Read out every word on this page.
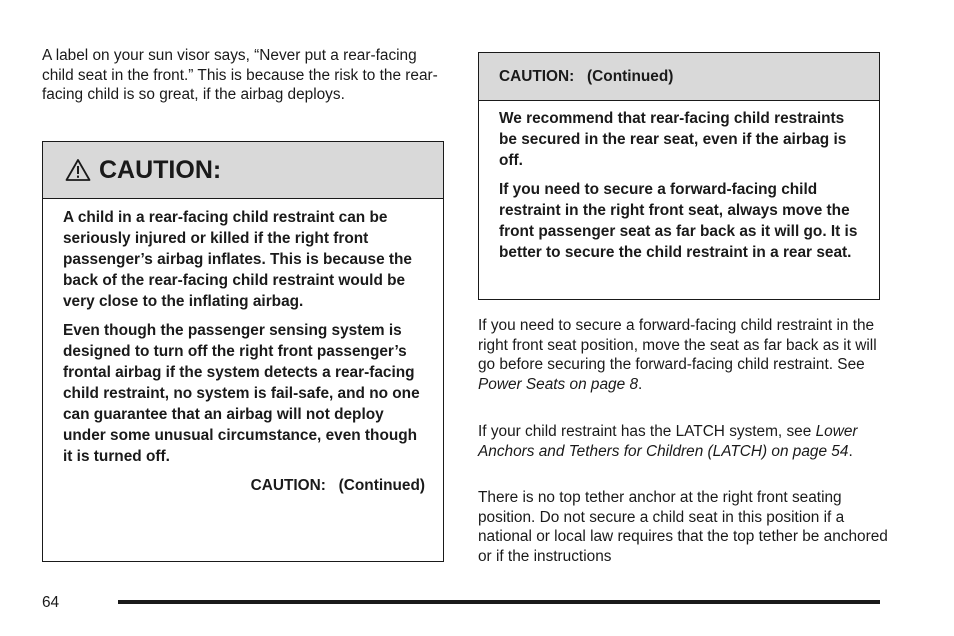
A label on your sun visor says, “Never put a rear-facing child seat in the front.” This is because the risk to the rear-facing child is so great, if the airbag deploys.

CAUTION:

A child in a rear-facing child restraint can be seriously injured or killed if the right front passenger’s airbag inflates. This is because the back of the rear-facing child restraint would be very close to the inflating airbag.

Even though the passenger sensing system is designed to turn off the right front passenger’s frontal airbag if the system detects a rear-facing child restraint, no system is fail-safe, and no one can guarantee that an airbag will not deploy under some unusual circumstance, even though it is turned off.

CAUTION:   (Continued)

CAUTION:   (Continued)

We recommend that rear-facing child restraints be secured in the rear seat, even if the airbag is off.

If you need to secure a forward-facing child restraint in the right front seat, always move the front passenger seat as far back as it will go. It is better to secure the child restraint in a rear seat.

If you need to secure a forward-facing child restraint in the right front seat position, move the seat as far back as it will go before securing the forward-facing child restraint. See Power Seats on page 8.

If your child restraint has the LATCH system, see Lower Anchors and Tethers for Children (LATCH) on page 54.

There is no top tether anchor at the right front seating position. Do not secure a child seat in this position if a national or local law requires that the top tether be anchored or if the instructions

64
